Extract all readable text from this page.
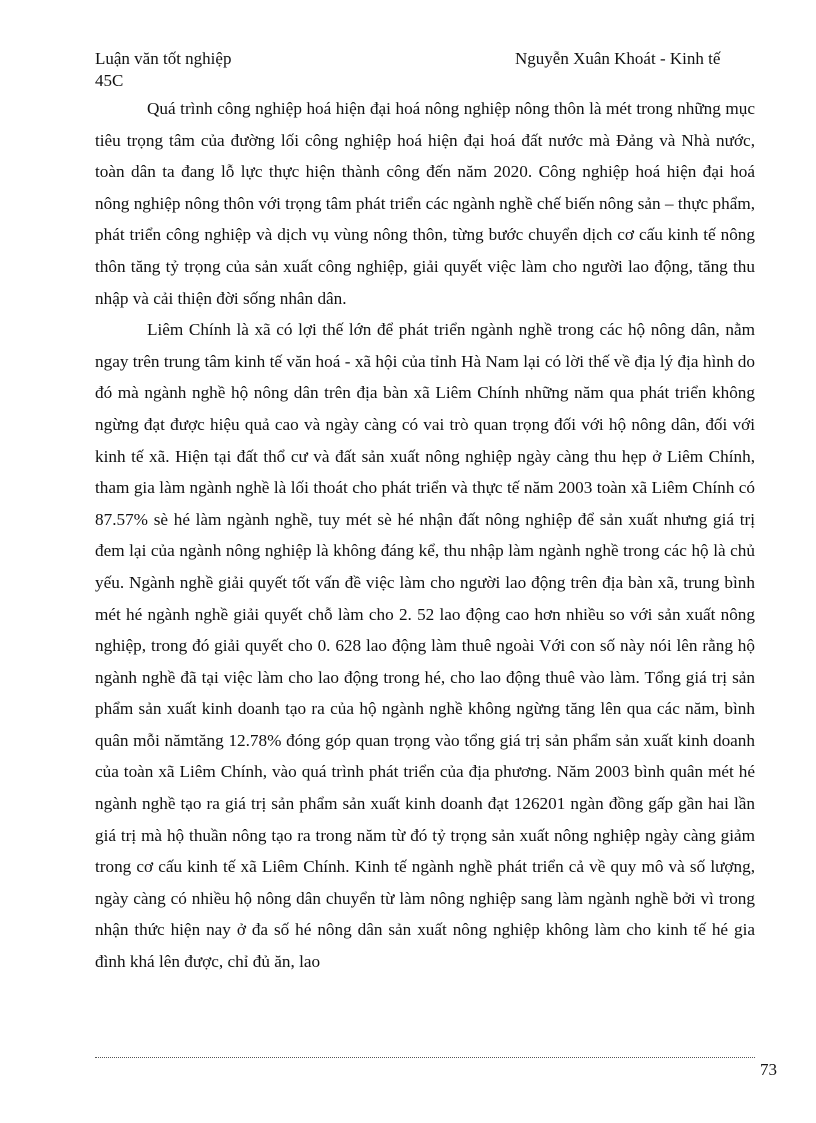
Luận văn tốt nghiệp	Nguyễn Xuân Khoát - Kinh tế
45C

Quá trình công nghiệp hoá hiện đại hoá nông nghiệp nông thôn là mét trong những mục tiêu trọng tâm của đường lối công nghiệp hoá hiện đại hoá đất nước mà Đảng và Nhà nước, toàn dân ta đang lỗ lực thực hiện thành công đến năm 2020. Công nghiệp hoá hiện đại hoá nông nghiệp nông thôn với trọng tâm phát triển các ngành nghề chế biến nông sản – thực phẩm, phát triển công nghiệp và dịch vụ vùng nông thôn, từng bước chuyển dịch cơ cấu kinh tế nông thôn tăng tỷ trọng của sản xuất công nghiệp, giải quyết việc làm cho người lao động, tăng thu nhập và cải thiện đời sống nhân dân.

Liêm Chính là xã có lợi thế lớn để phát triển ngành nghề trong các hộ nông dân, nằm ngay trên trung tâm kinh tế văn hoá - xã hội của tỉnh Hà Nam lại có lời thế về địa lý địa hình do đó mà ngành nghề hộ nông dân trên địa bàn xã Liêm Chính những năm qua phát triển không ngừng đạt được hiệu quả cao và ngày càng có vai trò quan trọng đối với hộ nông dân, đối với kinh tế xã. Hiện tại đất thổ cư và đất sản xuất nông nghiệp ngày càng thu hẹp ở Liêm Chính, tham gia làm ngành nghề là lối thoát cho phát triển và thực tế năm 2003 toàn xã Liêm Chính có 87.57% sè hé làm ngành nghề, tuy mét sè hé nhận đất nông nghiệp để sản xuất nhưng giá trị đem lại của ngành nông nghiệp là không đáng kể, thu nhập làm ngành nghề trong các hộ là chủ yếu. Ngành nghề giải quyết tốt vấn đề việc làm cho người lao động trên địa bàn xã, trung bình mét hé ngành nghề giải quyết chỗ làm cho 2. 52 lao động cao hơn nhiều so với sản xuất nông nghiệp, trong đó giải quyết cho 0. 628 lao động làm thuê ngoài Với con số này nói lên rằng hộ ngành nghề đã tại việc làm cho lao động trong hé, cho lao động thuê vào làm. Tổng giá trị sản phẩm sản xuất kinh doanh tạo ra của hộ ngành nghề không ngừng tăng lên qua các năm, bình quân mỗi nămtăng 12.78% đóng góp quan trọng vào tổng giá trị sản phẩm sản xuất kinh doanh của toàn xã Liêm Chính, vào quá trình phát triển của địa phương. Năm 2003 bình quân mét hé ngành nghề tạo ra giá trị sản phẩm sản xuất kinh doanh đạt 126201 ngàn đồng gấp gần hai lần giá trị mà hộ thuần nông tạo ra trong năm từ đó tỷ trọng sản xuất nông nghiệp ngày càng giảm trong cơ cấu kinh tế xã Liêm Chính. Kinh tế ngành nghề phát triển cả về quy mô và số lượng, ngày càng có nhiều hộ nông dân chuyển từ làm nông nghiệp sang làm ngành nghề bởi vì trong nhận thức hiện nay ở đa số hé nông dân sản xuất nông nghiệp không làm cho kinh tế hé gia đình khá lên được, chỉ đủ ăn, lao

73
